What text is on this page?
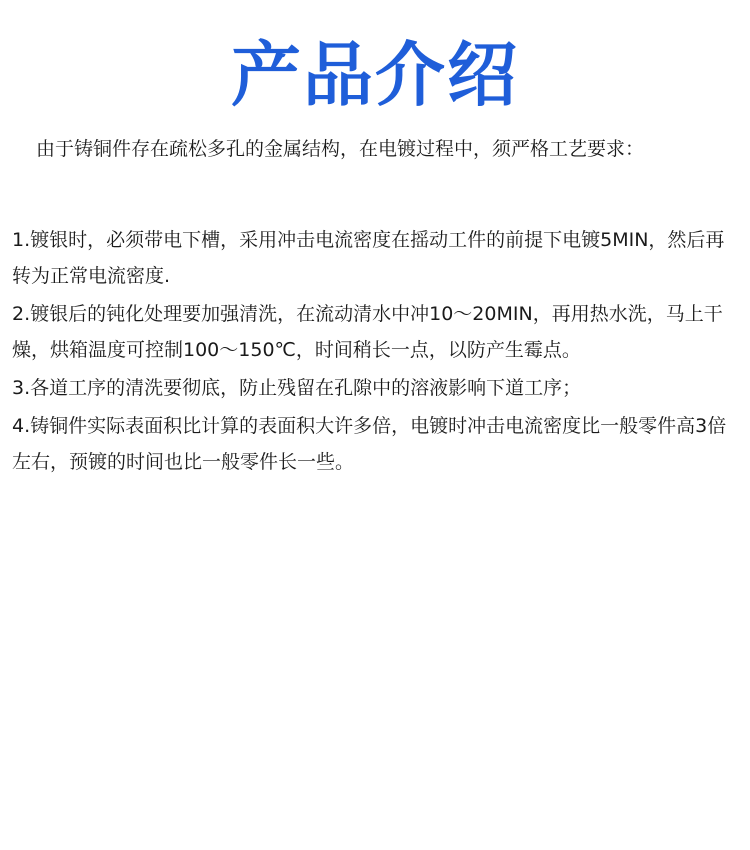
产品介绍
由于铸铜件存在疏松多孔的金属结构，在电镀过程中，须严格工艺要求：
1.镀银时，必须带电下槽，采用冲击电流密度在摇动工件的前提下电镀5MIN，然后再转为正常电流密度.
2.镀银后的钝化处理要加强清洗，在流动清水中冲10～20MIN，再用热水洗，马上干燥，烘箱温度可控制100～150℃，时间稍长一点，以防产生霉点。
3.各道工序的清洗要彻底，防止残留在孔隙中的溶液影响下道工序；
4.铸铜件实际表面积比计算的表面积大许多倍，电镀时冲击电流密度比一般零件高3倍左右，预镀的时间也比一般零件长一些。
